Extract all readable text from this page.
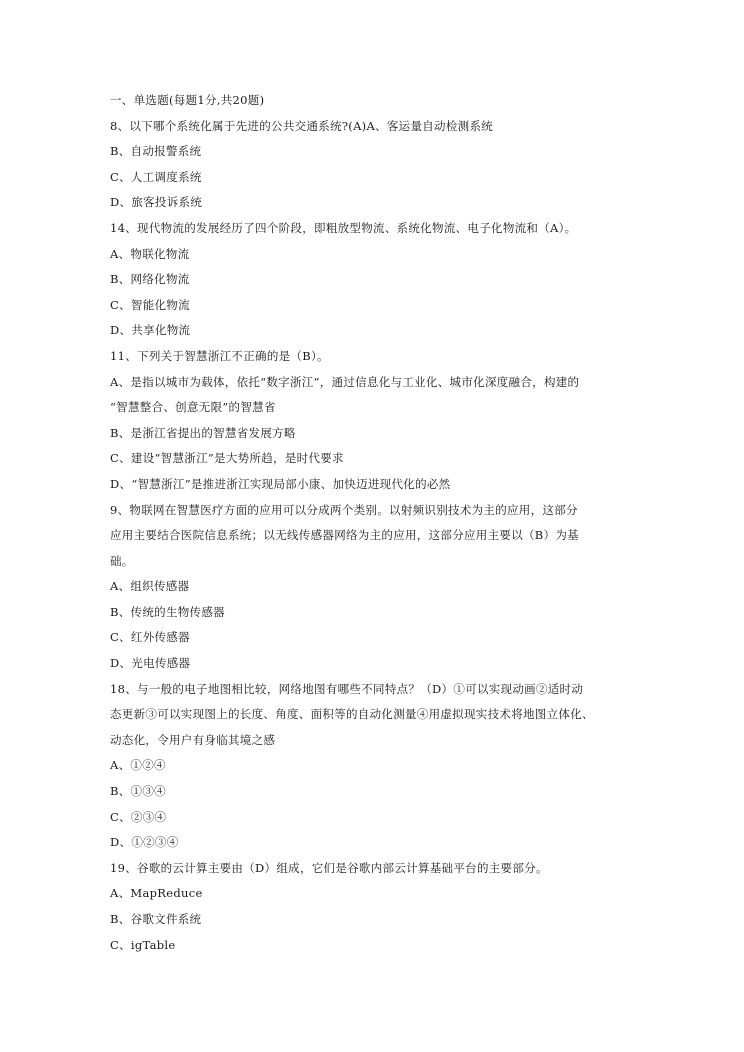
一、单选题(每题1分,共20题)
8、以下哪个系统化属于先进的公共交通系统?(A)A、客运量自动检测系统
B、自动报警系统
C、人工调度系统
D、旅客投诉系统
14、现代物流的发展经历了四个阶段，即粗放型物流、系统化物流、电子化物流和（A）。
A、物联化物流
B、网络化物流
C、智能化物流
D、共享化物流
11、下列关于智慧浙江不正确的是（B）。
A、是指以城市为载体，依托“数字浙江”，通过信息化与工业化、城市化深度融合，构建的
“智慧整合、创意无限”的智慧省
B、是浙江省提出的智慧省发展方略
C、建设“智慧浙江”是大势所趋，是时代要求
D、“智慧浙江”是推进浙江实现局部小康、加快迈进现代化的必然
9、物联网在智慧医疗方面的应用可以分成两个类别。以射频识别技术为主的应用，这部分
应用主要结合医院信息系统；以无线传感器网络为主的应用，这部分应用主要以（B）为基
础。
A、组织传感器
B、传统的生物传感器
C、红外传感器
D、光电传感器
18、与一般的电子地图相比较，网络地图有哪些不同特点？（D）①可以实现动画②适时动
态更新③可以实现图上的长度、角度、面积等的自动化测量④用虚拟现实技术将地图立体化、
动态化，令用户有身临其境之感
A、①②④
B、①③④
C、②③④
D、①②③④
19、谷歌的云计算主要由（D）组成，它们是谷歌内部云计算基础平台的主要部分。
A、MapReduce
B、谷歌文件系统
C、igTable
